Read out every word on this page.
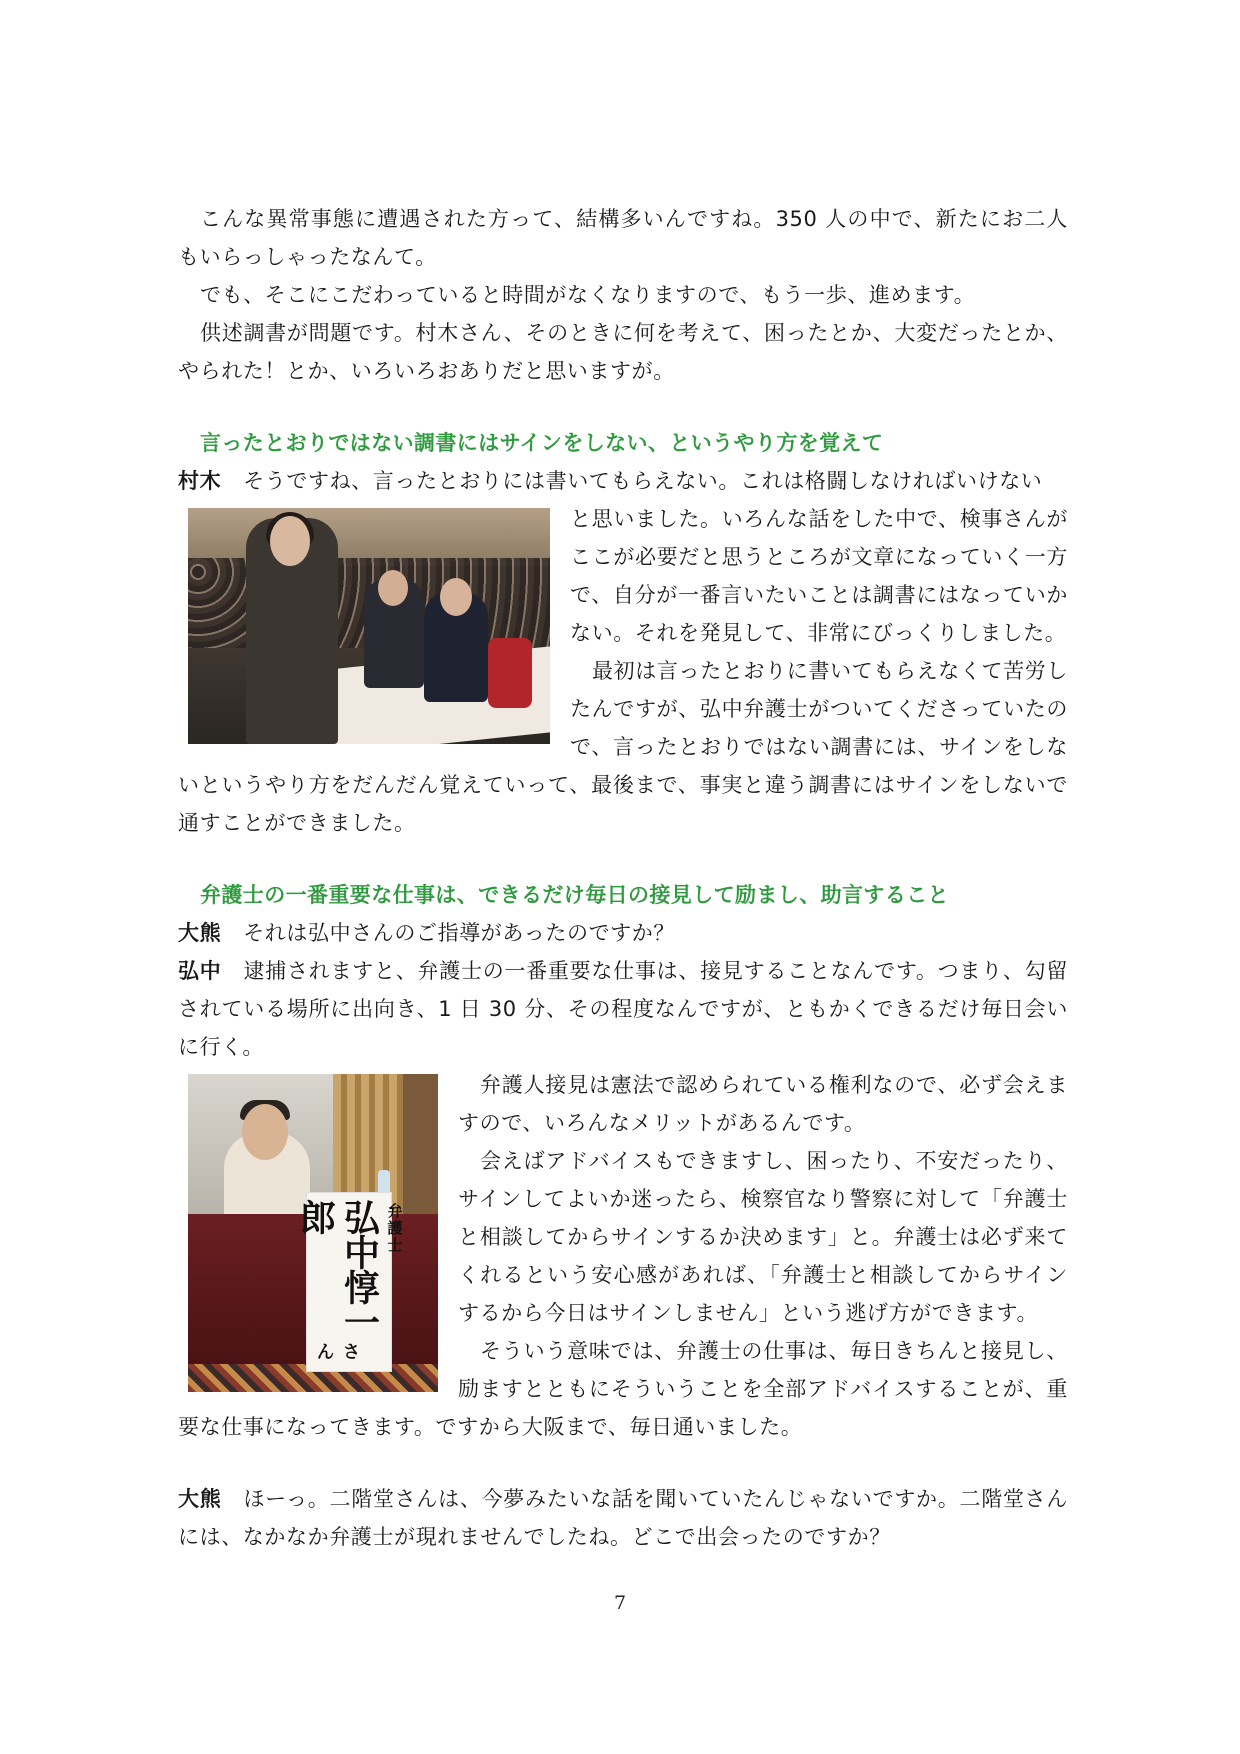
こんな異常事態に遭遇された方って、結構多いんですね。350 人の中で、新たにお二人もいらっしゃったなんて。

でも、そこにこだわっていると時間がなくなりますので、もう一歩、進めます。

供述調書が問題です。村木さん、そのときに何を考えて、困ったとか、大変だったとか、やられた！とか、いろいろおありだと思いますが。

言ったとおりではない調書にはサインをしない、というやり方を覚えて

村木 そうですね、言ったとおりには書いてもらえない。これは格闘しなければいけない

と思いました。いろんな話をした中で、検事さんがここが必要だと思うところが文章になっていく一方で、自分が一番言いたいことは調書にはなっていかない。それを発見して、非常にびっくりしました。

最初は言ったとおりに書いてもらえなくて苦労したんですが、弘中弁護士がついてくださっていたので、言ったとおりではない調書には、サインをしないというやり方をだんだん覚えていって、最後まで、事実と違う調書にはサインをしないで通すことができました。

弁護士の一番重要な仕事は、できるだけ毎日の接見して励まし、助言すること

大熊 それは弘中さんのご指導があったのですか？

弘中 逮捕されますと、弁護士の一番重要な仕事は、接見することなんです。つまり、勾留されている場所に出向き、1 日 30 分、その程度なんですが、ともかくできるだけ毎日会いに行く。

弁護士
弘中惇一郎
さん

弁護人接見は憲法で認められている権利なので、必ず会えますので、いろんなメリットがあるんです。

会えばアドバイスもできますし、困ったり、不安だったり、サインしてよいか迷ったら、検察官なり警察に対して「弁護士と相談してからサインするか決めます」と。弁護士は必ず来てくれるという安心感があれば、「弁護士と相談してからサインするから今日はサインしません」という逃げ方ができます。

そういう意味では、弁護士の仕事は、毎日きちんと接見し、励ますとともにそういうことを全部アドバイスすることが、重要な仕事になってきます。ですから大阪まで、毎日通いました。

大熊 ほーっ。二階堂さんは、今夢みたいな話を聞いていたんじゃないですか。二階堂さんには、なかなか弁護士が現れませんでしたね。どこで出会ったのですか？

7
